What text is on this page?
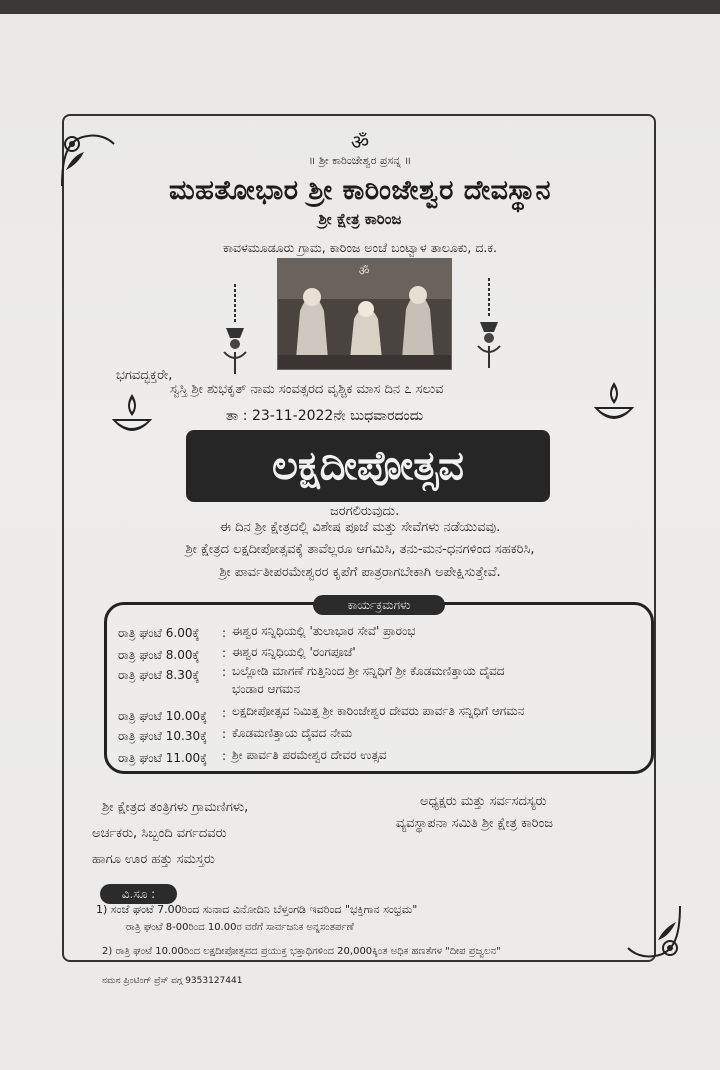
ॐ
॥ ಶ್ರೀ ಕಾರಿಂಜೇಶ್ವರ ಪ್ರಸನ್ನ ॥
ಮಹತೋಭಾರ ಶ್ರೀ ಕಾರಿಂಜೇಶ್ವರ ದೇವಸ್ಥಾನ
ಶ್ರೀ ಕ್ಷೇತ್ರ ಕಾರಿಂಜ
ಕಾವಳಮೂಡೂರು ಗ್ರಾಮ, ಕಾರಿಂಜ ಅಂಚೆ ಬಂಟ್ವಾಳ ತಾಲೂಕು, ದ.ಕ.
ॐ
ಭಗವದ್ಭಕ್ತರೇ,
ಸ್ವಸ್ತಿ ಶ್ರೀ ಶುಭಕೃತ್ ನಾಮ ಸಂವತ್ಸರದ ವೃಶ್ಚಿಕ ಮಾಸ ದಿನ ೭ ಸಲುವ
ತಾ : 23-11-2022ನೇ ಬುಧವಾರದಂದು
ಲಕ್ಷದೀಪೋತ್ಸವ
ಜರಗಲಿರುವುದು.
ಈ ದಿನ ಶ್ರೀ ಕ್ಷೇತ್ರದಲ್ಲಿ ವಿಶೇಷ ಪೂಜೆ ಮತ್ತು ಸೇವೆಗಳು ನಡೆಯುವವು.
ಶ್ರೀ ಕ್ಷೇತ್ರದ ಲಕ್ಷದೀಪೋತ್ಸವಕ್ಕೆ ತಾವೆಲ್ಲರೂ ಆಗಮಿಸಿ, ತನು-ಮನ-ಧನಗಳಿಂದ ಸಹಕರಿಸಿ,
ಶ್ರೀ ಪಾರ್ವತೀಪರಮೇಶ್ವರರ ಕೃಪೆಗೆ ಪಾತ್ರರಾಗಬೇಕಾಗಿ ಅಪೇಕ್ಷಿಸುತ್ತೇವೆ.
ಕಾರ್ಯಕ್ರಮಗಳು
ರಾತ್ರಿ ಘಂಟೆ 6.00ಕ್ಕೆ : ಈಶ್ವರ ಸನ್ನಿಧಿಯಲ್ಲಿ 'ತುಲಾಭಾರ ಸೇವೆ' ಪ್ರಾರಂಭ
ರಾತ್ರಿ ಘಂಟೆ 8.00ಕ್ಕೆ : ಈಶ್ವರ ಸನ್ನಿಧಿಯಲ್ಲಿ 'ರಂಗಪೂಜೆ'
ರಾತ್ರಿ ಘಂಟೆ 8.30ಕ್ಕೆ : ಬಲ್ಲೋಡಿ ಮಾಗಣೆ ಗುತ್ತಿನಿಂದ ಶ್ರೀ ಸನ್ನಿಧಿಗೆ ಶ್ರೀ ಕೊಡಮಣಿತ್ತಾಯ ದೈವದ
ಭಂಡಾರ ಆಗಮನ
ರಾತ್ರಿ ಘಂಟೆ 10.00ಕ್ಕೆ : ಲಕ್ಷದೀಪೋತ್ಸವ ನಿಮಿತ್ತ ಶ್ರೀ ಕಾರಿಂಜೇಶ್ವರ ದೇವರು ಪಾರ್ವತಿ ಸನ್ನಿಧಿಗೆ ಆಗಮನ
ರಾತ್ರಿ ಘಂಟೆ 10.30ಕ್ಕೆ : ಕೊಡಮಣಿತ್ತಾಯ ದೈವದ ನೇಮ
ರಾತ್ರಿ ಘಂಟೆ 11.00ಕ್ಕೆ : ಶ್ರೀ ಪಾರ್ವತಿ ಪರಮೇಶ್ವರ ದೇವರ ಉತ್ಸವ
ಶ್ರೀ ಕ್ಷೇತ್ರದ ತಂತ್ರಿಗಳು ಗ್ರಾಮಣಿಗಳು,
ಅರ್ಚಕರು, ಸಿಬ್ಬಂದಿ ವರ್ಗದವರು
ಹಾಗೂ ಊರ ಹತ್ತು ಸಮಸ್ತರು
ಅಧ್ಯಕ್ಷರು ಮತ್ತು ಸರ್ವಸದಸ್ಯರು
ವ್ಯವಸ್ಥಾಪನಾ ಸಮಿತಿ ಶ್ರೀ ಕ್ಷೇತ್ರ ಕಾರಿಂಜ
ವಿ.ಸೂ :
1) ಸಂಜೆ ಘಂಟೆ 7.00ರಿಂದ ಸುನಾದ ವಿನೋದಿನಿ ಬೆಳ್ತಂಗಡಿ ಇವರಿಂದ "ಭಕ್ತಿಗಾನ ಸಂಭ್ರಮ"
ರಾತ್ರಿ ಘಂಟೆ 8-00ರಿಂದ 10.00ರ ವರೆಗೆ ಸಾರ್ವಜನಿಕ ಅನ್ನಸಂತರ್ಪಣೆ
2) ರಾತ್ರಿ ಘಂಟೆ 10.00ರಿಂದ ಲಕ್ಷದೀಪೋತ್ಸವದ ಪ್ರಯುಕ್ತ ಭಕ್ತಾಧಿಗಳಿಂದ 20,000ಕ್ಕಿಂತ ಅಧಿಕ ಹಣತೆಗಳ "ದೀಪ ಪ್ರಜ್ವಲನ"
ನಮನ ಪ್ರಿಂಟಿಂಗ್ ಪ್ರೆಸ್ ವಗ್ಗ 9353127441
